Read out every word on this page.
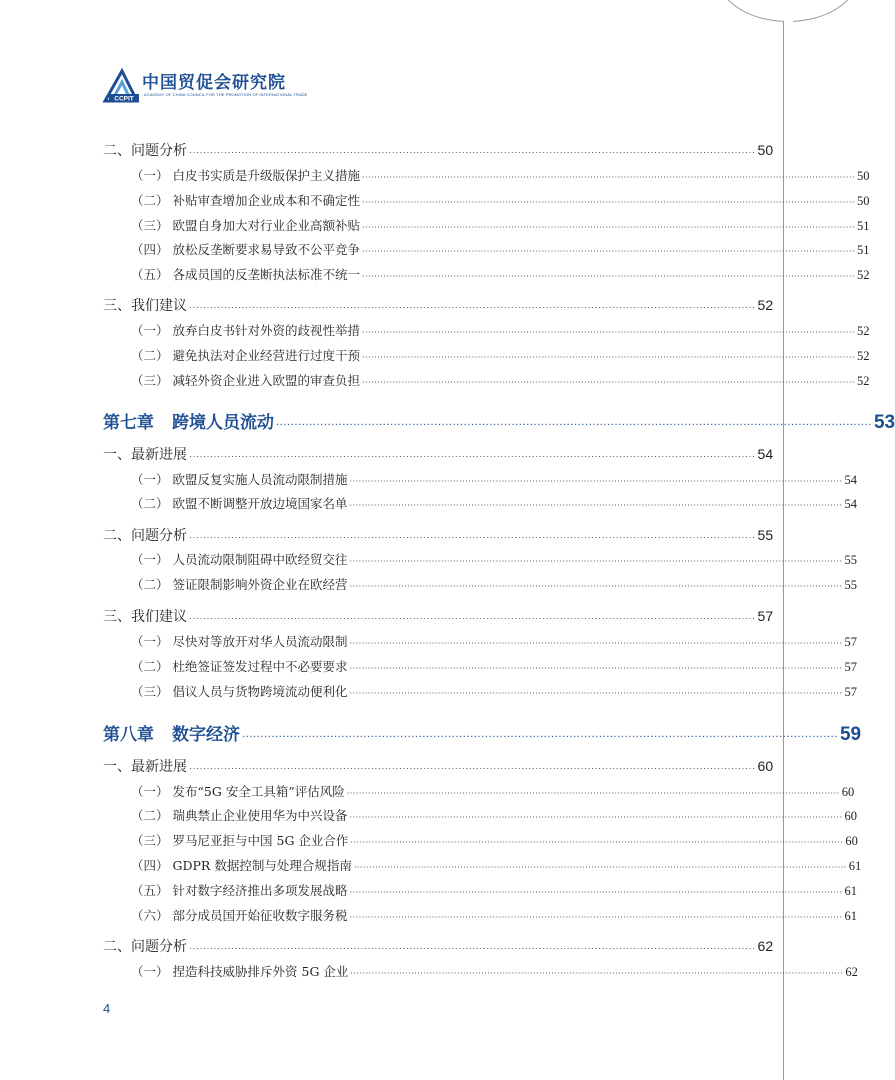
CCPIT
中国贸促会研究院
ACADEMY OF CHINA COUNCIL FOR THE PROMOTION OF INTERNATIONAL TRADE
二、问题分析 ·································································································································································· 50
（一） 白皮书实质是升级版保护主义措施 ·································································································································································· 50
（二） 补贴审查增加企业成本和不确定性 ·································································································································································· 50
（三） 欧盟自身加大对行业企业高额补贴 ·································································································································································· 51
（四） 放松反垄断要求易导致不公平竞争 ·································································································································································· 51
（五） 各成员国的反垄断执法标准不统一 ·································································································································································· 52
三、我们建议 ·································································································································································· 52
（一） 放弃白皮书针对外资的歧视性举措 ·································································································································································· 52
（二） 避免执法对企业经营进行过度干预 ·································································································································································· 52
（三） 减轻外资企业进入欧盟的审查负担 ·································································································································································· 52
第七章 跨境人员流动 ·································································································································································· 53
一、最新进展 ·································································································································································· 54
（一） 欧盟反复实施人员流动限制措施 ·································································································································································· 54
（二） 欧盟不断调整开放边境国家名单 ·································································································································································· 54
二、问题分析 ·································································································································································· 55
（一） 人员流动限制阻碍中欧经贸交往 ·································································································································································· 55
（二） 签证限制影响外资企业在欧经营 ·································································································································································· 55
三、我们建议 ·································································································································································· 57
（一） 尽快对等放开对华人员流动限制 ·································································································································································· 57
（二） 杜绝签证签发过程中不必要要求 ·································································································································································· 57
（三） 倡议人员与货物跨境流动便利化 ·································································································································································· 57
第八章 数字经济 ·································································································································································· 59
一、最新进展 ·································································································································································· 60
（一） 发布“5G 安全工具箱”评估风险 ·································································································································································· 60
（二） 瑞典禁止企业使用华为中兴设备 ·································································································································································· 60
（三） 罗马尼亚拒与中国 5G 企业合作 ·································································································································································· 60
（四） GDPR 数据控制与处理合规指南 ·································································································································································· 61
（五） 针对数字经济推出多项发展战略 ·································································································································································· 61
（六） 部分成员国开始征收数字服务税 ·································································································································································· 61
二、问题分析 ·································································································································································· 62
（一） 捏造科技威胁排斥外资 5G 企业 ·································································································································································· 62
4
